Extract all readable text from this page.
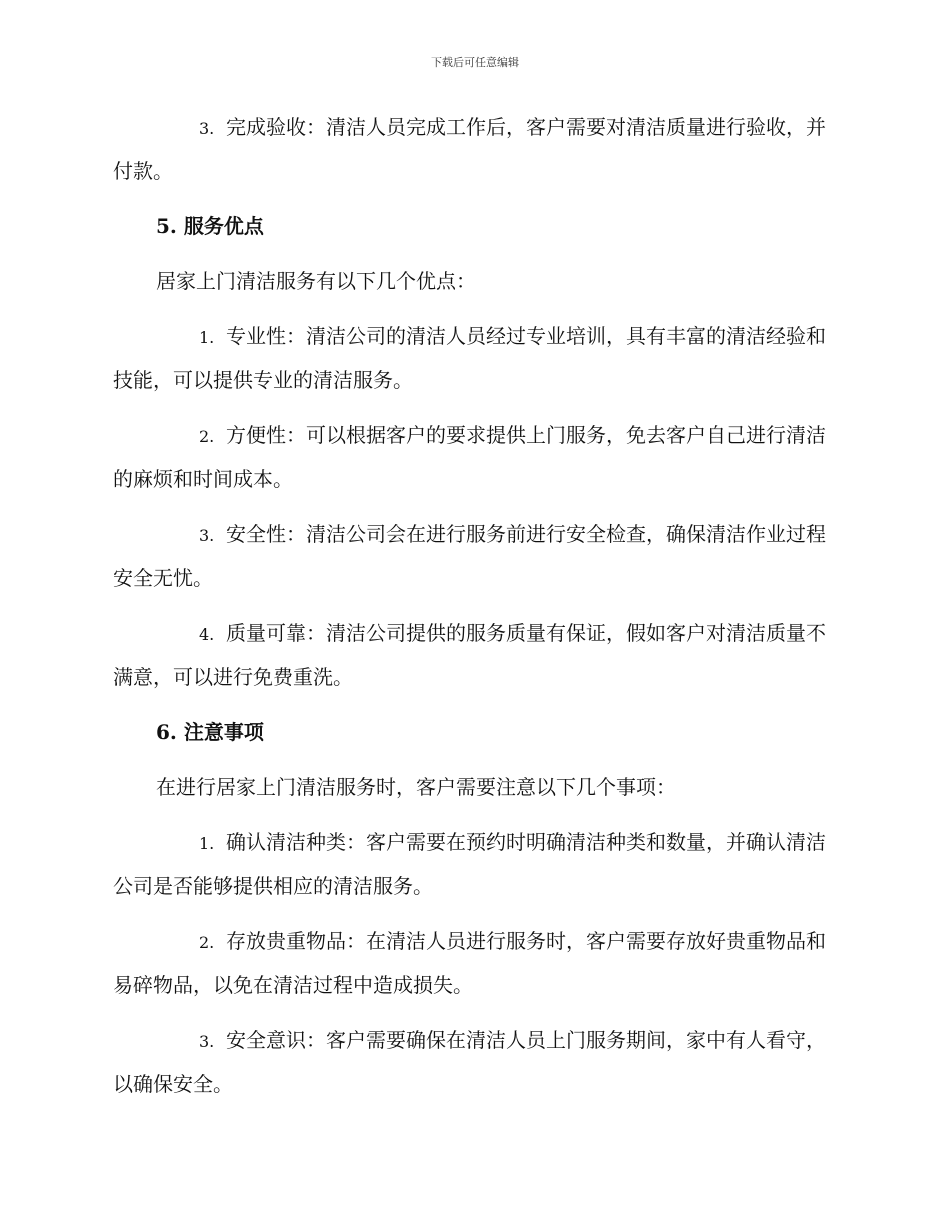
下载后可任意编辑

3. 完成验收：清洁人员完成工作后，客户需要对清洁质量进行验收，并付款。

5. 服务优点

居家上门清洁服务有以下几个优点：

1. 专业性：清洁公司的清洁人员经过专业培训，具有丰富的清洁经验和技能，可以提供专业的清洁服务。

2. 方便性：可以根据客户的要求提供上门服务，免去客户自己进行清洁的麻烦和时间成本。

3. 安全性：清洁公司会在进行服务前进行安全检查，确保清洁作业过程安全无忧。

4. 质量可靠：清洁公司提供的服务质量有保证，假如客户对清洁质量不满意，可以进行免费重洗。

6. 注意事项

在进行居家上门清洁服务时，客户需要注意以下几个事项：

1. 确认清洁种类：客户需要在预约时明确清洁种类和数量，并确认清洁公司是否能够提供相应的清洁服务。

2. 存放贵重物品：在清洁人员进行服务时，客户需要存放好贵重物品和易碎物品，以免在清洁过程中造成损失。

3. 安全意识：客户需要确保在清洁人员上门服务期间，家中有人看守，以确保安全。
